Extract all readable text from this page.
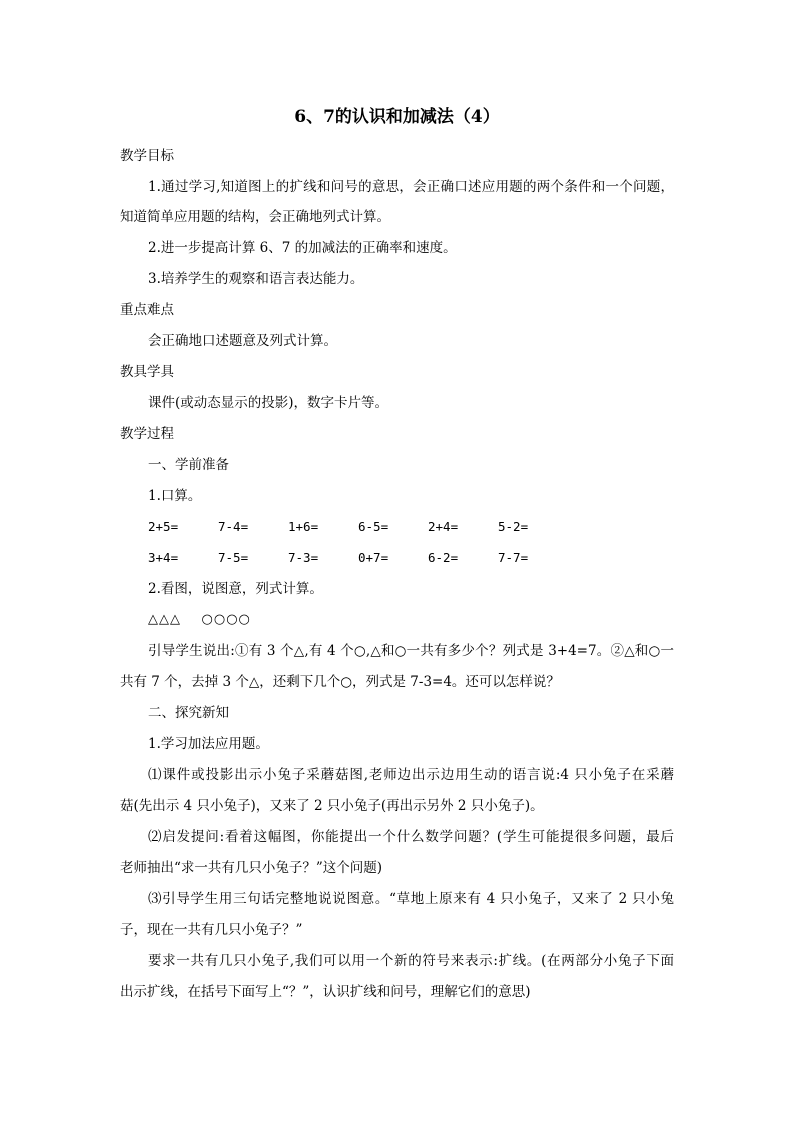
6、7的认识和加减法（4）
教学目标
1.通过学习,知道图上的扩线和问号的意思，会正确口述应用题的两个条件和一个问题，
知道简单应用题的结构，会正确地列式计算。
2.进一步提高计算 6、7 的加减法的正确率和速度。
3.培养学生的观察和语言表达能力。
重点难点
会正确地口述题意及列式计算。
教具学具
课件(或动态显示的投影)，数字卡片等。
教学过程
一、学前准备
1.口算。
2+5=	7-4=	1+6=	6-5=	2+4=	5-2=
3+4=	7-5=	7-3=	0+7=	6-2=	7-7=
2.看图，说图意，列式计算。
△△△    ○○○○
引导学生说出:①有 3 个△,有 4 个○,△和○一共有多少个？列式是 3+4=7。②△和○一
共有 7 个，去掉 3 个△，还剩下几个○，列式是 7-3=4。还可以怎样说？
二、探究新知
1.学习加法应用题。
⑴课件或投影出示小兔子采蘑菇图,老师边出示边用生动的语言说:4 只小兔子在采蘑
菇(先出示 4 只小兔子)，又来了 2 只小兔子(再出示另外 2 只小兔子)。
⑵启发提问:看着这幅图，你能提出一个什么数学问题？(学生可能提很多问题，最后
老师抽出“求一共有几只小兔子？”这个问题)
⑶引导学生用三句话完整地说说图意。“草地上原来有 4 只小兔子，又来了 2 只小兔
子，现在一共有几只小兔子？”
要求一共有几只小兔子,我们可以用一个新的符号来表示:扩线。(在两部分小兔子下面
出示扩线，在括号下面写上“？”，认识扩线和问号，理解它们的意思)
